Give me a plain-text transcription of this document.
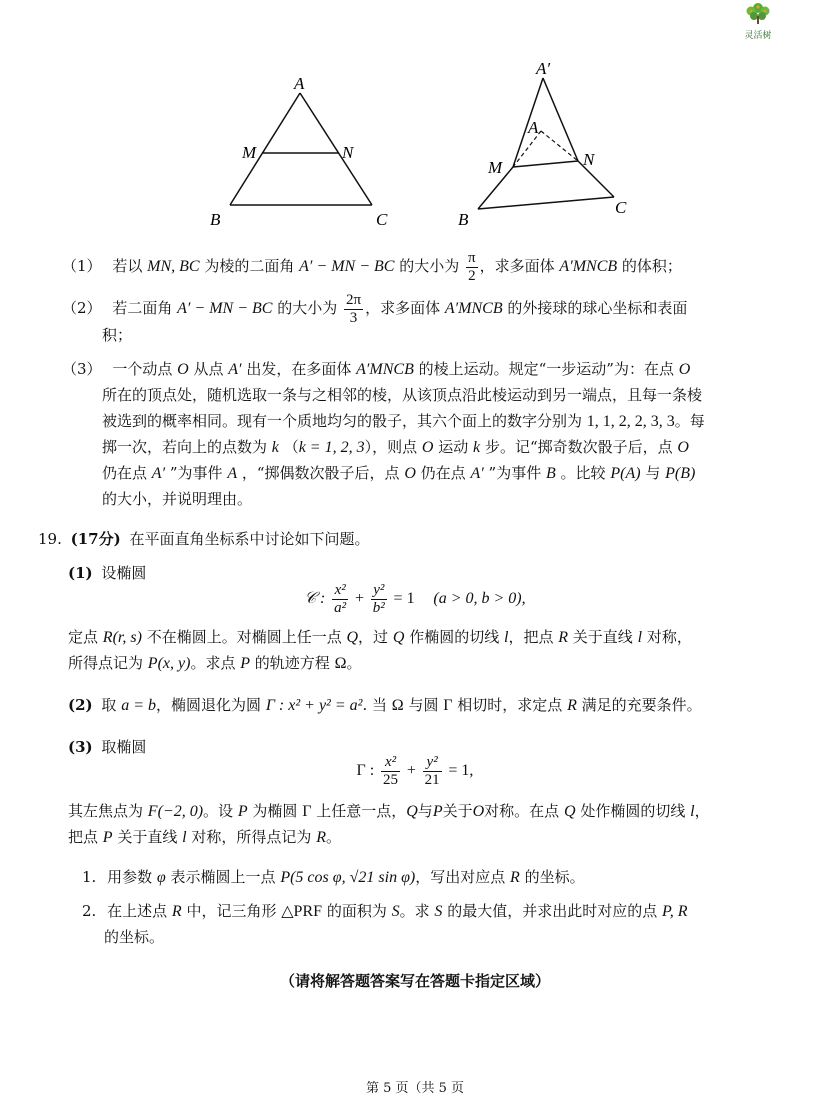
灵活树
A
M	N
B	C
A′
A
M	N
B
C
（1） 若以 MN, BC 为棱的二面角 A′ − MN − BC 的大小为 $\frac{\pi}{2}$ ，求多面体 A′MNCB 的体积；
（2） 若二面角 A′ − MN − BC 的大小为 $\frac{2\pi}{3}$ ，求多面体 A′MNCB 的外接球的球心坐标和表面
积；
（3） 一个动点 O 从点 A′ 出发，在多面体 A′MNCB 的棱上运动。规定“一步运动”为：在点 O
所在的顶点处，随机选取一条与之相邻的棱，从该顶点沿此棱运动到另一端点，且每一条棱
被选到的概率相同。现有一个质地均匀的骰子，其六个面上的数字分别为 1, 1, 2, 2, 3, 3。每
掷一次，若向上的点数为 k （k = 1, 2, 3），则点 O 运动 k 步。记“掷奇数次骰子后，点 O
仍在点 A′ ”为事件 A ，“掷偶数次骰子后，点 O 仍在点 A′ ”为事件 B 。比较 P(A) 与 P(B)
的大小，并说明理由。
19. (17分) 在平面直角坐标系中讨论如下问题。
(1) 设椭圆
𝒞 : $\frac{\text{x²}}{\text{a²}} + \frac{\text{y²}}{\text{b²}} = 1$ (a > 0, b > 0),
定点 R(r, s) 不在椭圆上。对椭圆上任一点 Q，过 Q 作椭圆的切线 l，把点 R 关于直线 l 对称，
所得点记为 P(x, y)。求点 P 的轨迹方程 Ω。
(2) 取 a = b，椭圆退化为圆 Γ : x² + y² = a². 当 Ω 与圆 Γ 相切时，求定点 R 满足的充要条件。
(3) 取椭圆
Γ : $\frac{\text{x²}}{25} + \frac{\text{y²}}{21} = 1$,
其左焦点为 F(−2, 0)。设 P 为椭圆 Γ 上任意一点，Q与P关于O对称。在点 Q 处作椭圆的切线 l，
把点 P 关于直线 l 对称，所得点记为 R。
1. 用参数 φ 表示椭圆上一点 P(5 cos φ, √21 sin φ)，写出对应点 R 的坐标。
2. 在上述点 R 中，记三角形 △PRF 的面积为 S。求 S 的最大值，并求出此时对应的点 P, R
的坐标。
（请将解答题答案写在答题卡指定区域）
第 5 页（共 5 页
